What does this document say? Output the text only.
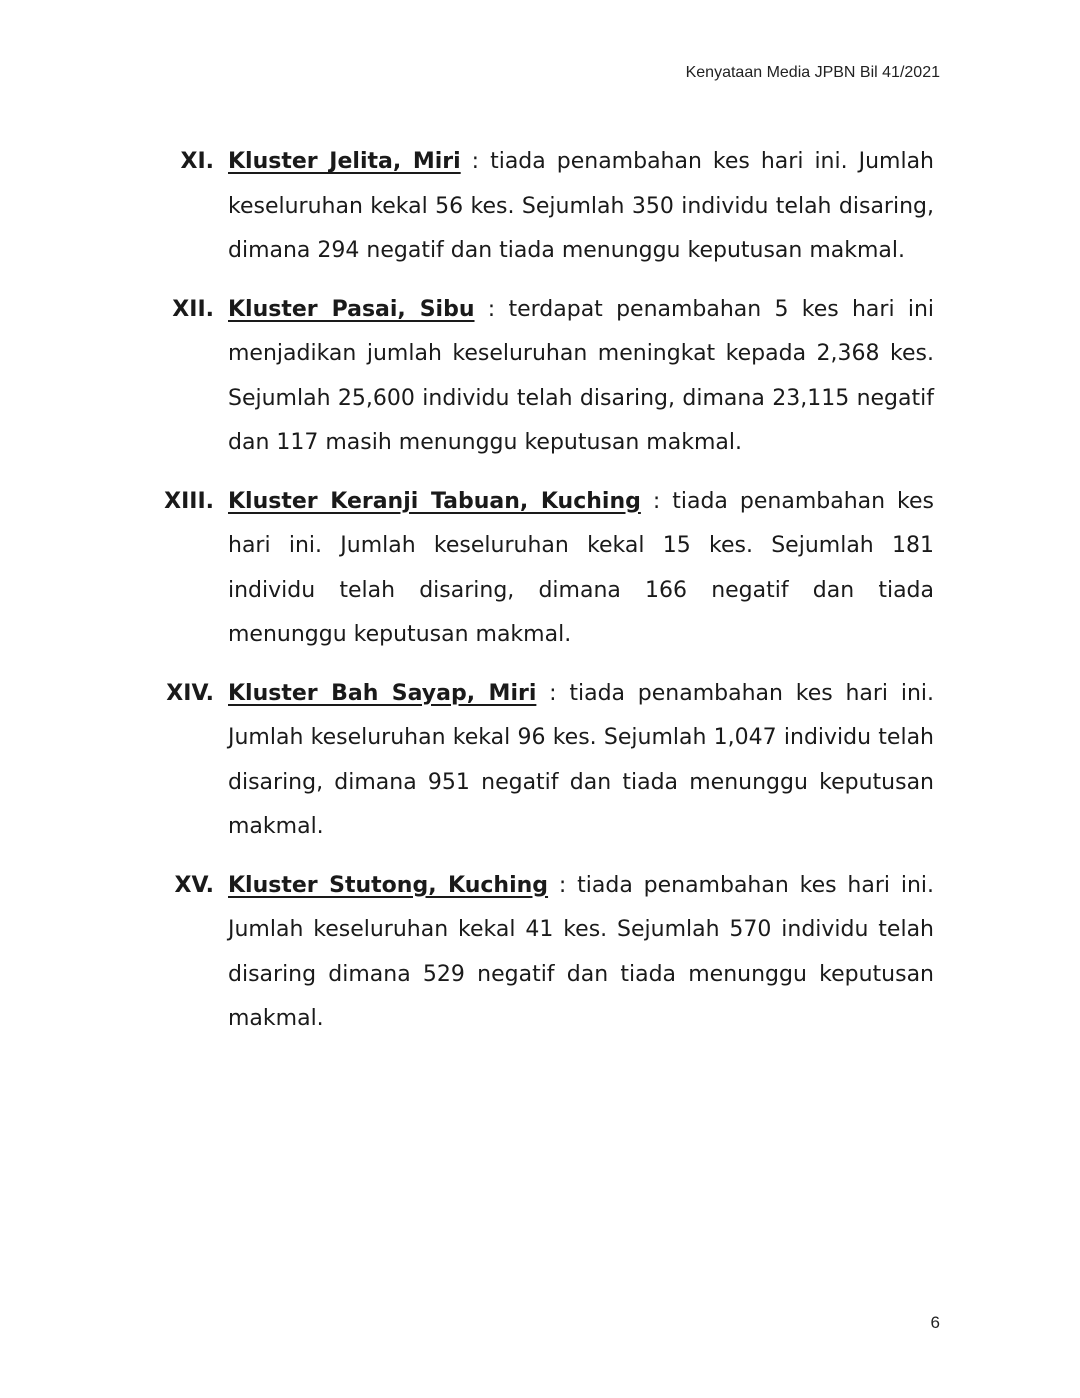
Kenyataan Media JPBN Bil 41/2021
XI. Kluster Jelita, Miri : tiada penambahan kes hari ini. Jumlah keseluruhan kekal 56 kes. Sejumlah 350 individu telah disaring, dimana 294 negatif dan tiada menunggu keputusan makmal.
XII. Kluster Pasai, Sibu : terdapat penambahan 5 kes hari ini menjadikan jumlah keseluruhan meningkat kepada 2,368 kes. Sejumlah 25,600 individu telah disaring, dimana 23,115 negatif dan 117 masih menunggu keputusan makmal.
XIII. Kluster Keranji Tabuan, Kuching : tiada penambahan kes hari ini. Jumlah keseluruhan kekal 15 kes. Sejumlah 181 individu telah disaring, dimana 166 negatif dan tiada menunggu keputusan makmal.
XIV. Kluster Bah Sayap, Miri : tiada penambahan kes hari ini. Jumlah keseluruhan kekal 96 kes. Sejumlah 1,047 individu telah disaring, dimana 951 negatif dan tiada menunggu keputusan makmal.
XV. Kluster Stutong, Kuching : tiada penambahan kes hari ini. Jumlah keseluruhan kekal 41 kes. Sejumlah 570 individu telah disaring dimana 529 negatif dan tiada menunggu keputusan makmal.
6
